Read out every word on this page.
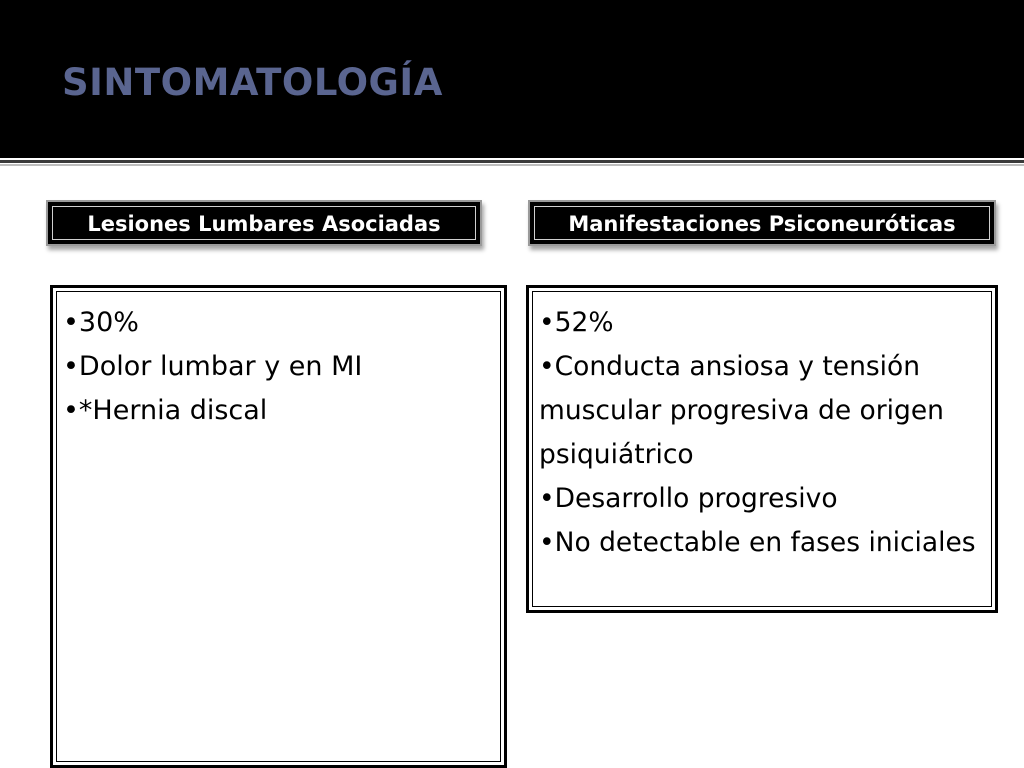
SINTOMATOLOGÍA
Lesiones Lumbares Asociadas	Manifestaciones Psiconeuróticas
•30%
•Dolor lumbar y en MI
•*Hernia discal
•52%
•Conducta ansiosa y tensión muscular progresiva de origen psiquiátrico
•Desarrollo progresivo
•No detectable en fases iniciales
